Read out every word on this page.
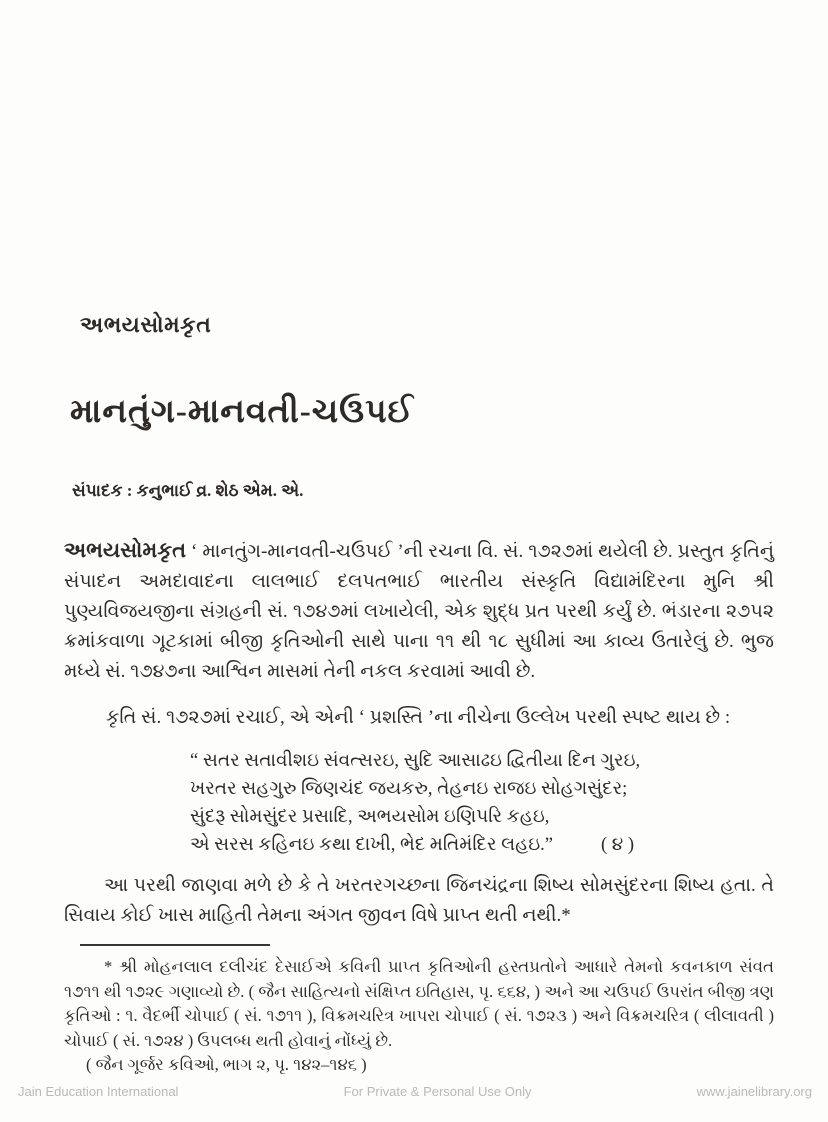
અભયસોમકૃત
માનતુંગ-માનવતી-ચઉપઈ
સંપાદક : કનુભાઈ વ્ર. શેઠ એમ. એ.

અભયસોમકૃત ‘ માનતુંગ-માનવતી-ચઉપઈ ’ની રચના વિ. સં. ૧૭૨૭માં થયેલી છે. પ્રસ્તુત કૃતિનું સંપાદન અમદાવાદના લાલભાઈ દલપતભાઈ ભારતીય સંસ્કૃતિ વિદ્યામંદિરના મુનિ શ્રી પુણ્યવિજયજીના સંગ્રહની સં. ૧૭૪૭માં લખાયેલી, એક શુદ્ધ પ્રત પરથી કર્યું છે. ભંડારના ૨૭૫૨ ક્રમાંકવાળા ગૂટકામાં બીજી કૃતિઓની સાથે પાના ૧૧ થી ૧૮ સુધીમાં આ કાવ્ય ઉતારેલું છે. ભુજ મધ્યે સં. ૧૭૪૭ના આશ્વિન માસમાં તેની નકલ કરવામાં આવી છે.

કૃતિ સં. ૧૭૨૭માં રચાઈ, એ એની ‘ પ્રશસ્તિ ’ના નીચેના ઉલ્લેખ પરથી સ્પષ્ટ થાય છે :

“ સતર સતાવીશઇ સંવત્સરઇ, સુદિ આસાઢઇ દ્વિતીયા દિન ગુરઇ,
ખરતર સહગુરુ જિણચંદ જયકરુ, તેહનઇ રાજઇ સોહગસુંદર;
સુંદરૂ સોમસુંદર પ્રસાદિ, અભયસોમ ઇણિપરિ કહઇ,
એ સરસ કહિનઇ કથા દાખી, ભેદ મતિમંદિર લહઇ.”	( ૪ )

આ પરથી જાણવા મળે છે કે તે ખરતરગચ્છના જિનચંદ્રના શિષ્ય સોમસુંદરના શિષ્ય હતા. તે સિવાય કોઈ ખાસ માહિતી તેમના અંગત જીવન વિષે પ્રાપ્ત થતી નથી.*

* શ્રી મોહનલાલ દલીચંદ દેસાઈએ કવિની પ્રાપ્ત કૃતિઓની હસ્તપ્રતોને આધારે તેમનો કવનકાળ સંવત ૧૭૧૧ થી ૧૭૨૯ ગણાવ્યો છે. ( જૈન સાહિત્યનો સંક્ષિપ્ત ઇતિહાસ, પૃ. ૬૬૪, ) અને આ ચઉપઈ ઉપરાંત બીજી ત્રણ કૃતિઓ : ૧. વૈદર્ભી ચોપાઈ ( સં. ૧૭૧૧ ), વિક્રમચરિત્ર ખાપરા ચોપાઈ ( સં. ૧૭૨૩ ) અને વિક્રમચરિત્ર ( લીલાવતી ) ચોપાઈ ( સં. ૧૭૨૪ ) ઉપલબ્ધ થતી હોવાનું નોંધ્યું છે.

( જૈન ગૂર્જર કવિઓ, ભાગ ૨, પૃ. ૧૪૨–૧૪૬ )

Jain Education International	For Private & Personal Use Only	www.jainelibrary.org
